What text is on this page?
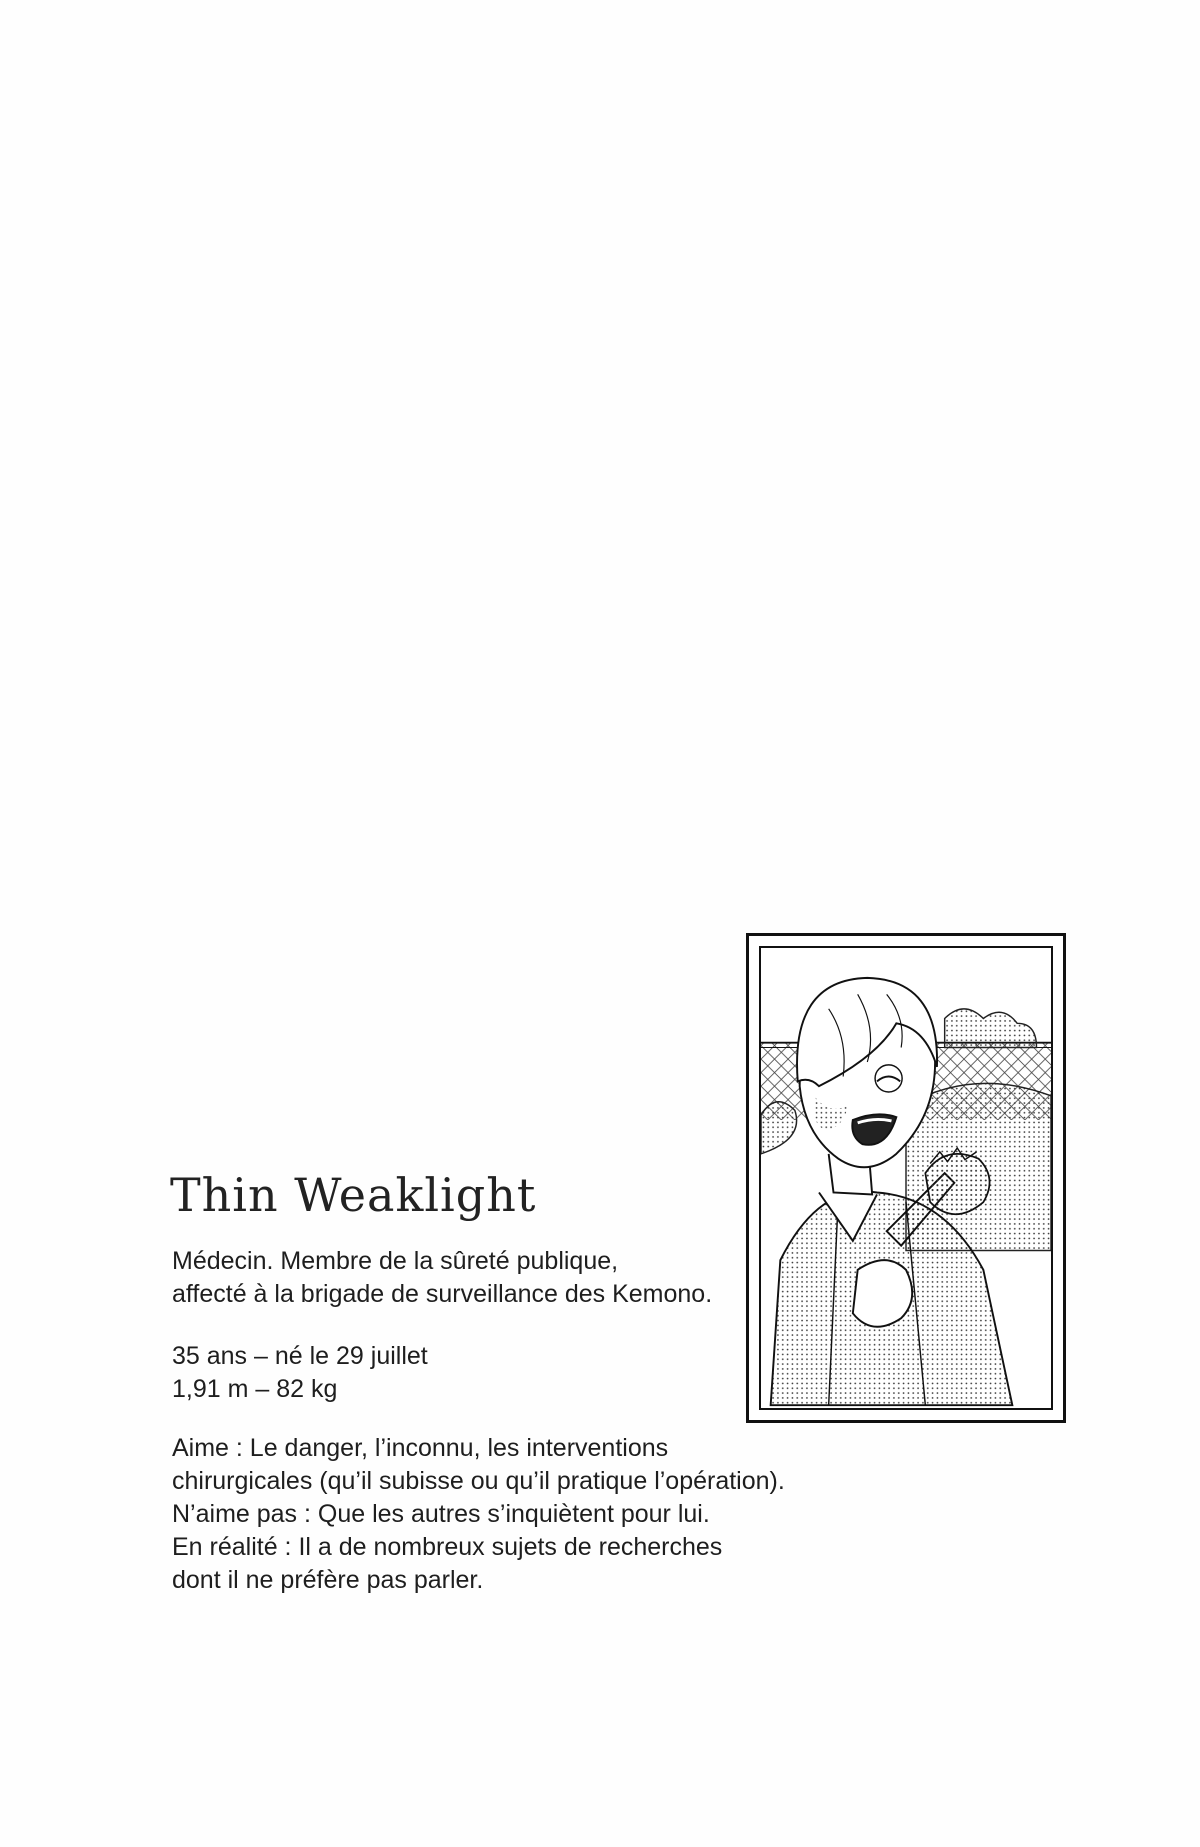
Thin Weaklight

Médecin. Membre de la sûreté publique,

affecté à la brigade de surveillance des Kemono.

35 ans – né le 29 juillet

1,91 m – 82 kg

Aime : Le danger, l’inconnu, les interventions

chirurgicales (qu’il subisse ou qu’il pratique l’opération).

N’aime pas : Que les autres s’inquiètent pour lui.

En réalité : Il a de nombreux sujets de recherches

dont il ne préfère pas parler.
